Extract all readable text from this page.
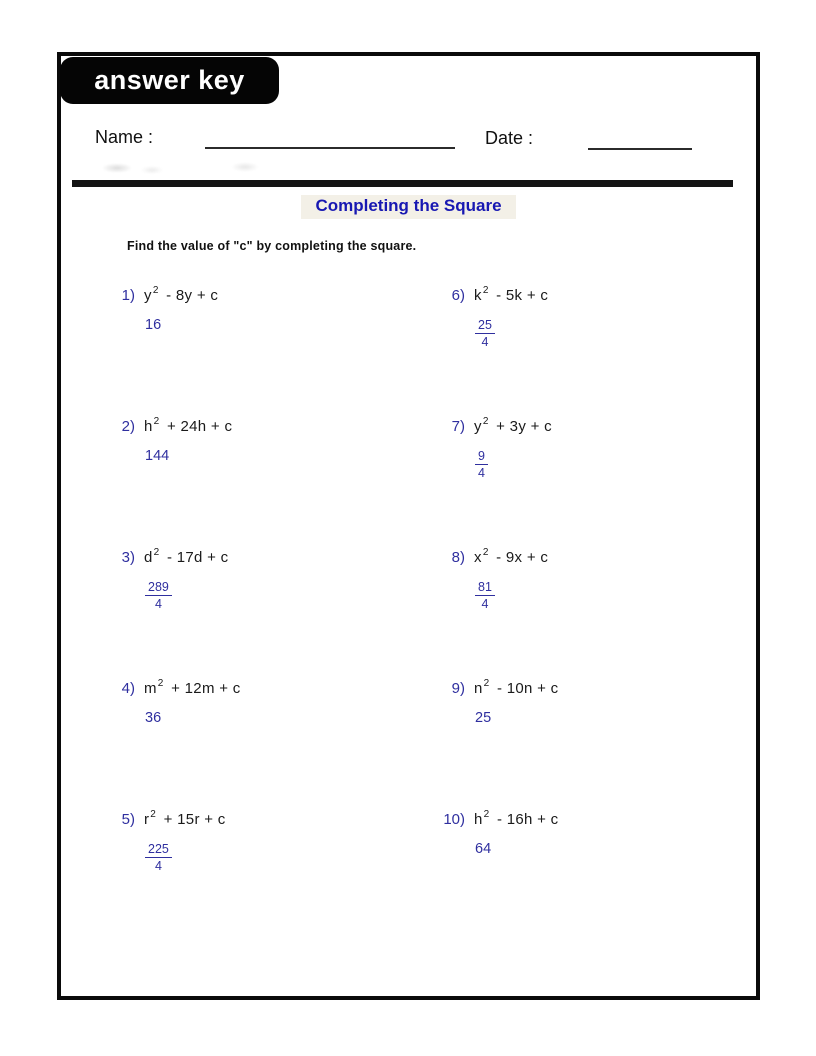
answer key
Name :	Date :
Completing the Square
Find the value of "c" by completing the square.
1) $y^2 - 8y + c$
16
2) $h^2 + 24h + c$
144
3) $d^2 - 17d + c$
$\frac{289}{4}$
4) $m^2 + 12m + c$
36
5) $r^2 + 15r + c$
$\frac{225}{4}$
6) $k^2 - 5k + c$
$\frac{25}{4}$
7) $y^2 + 3y + c$
$\frac{9}{4}$
8) $x^2 - 9x + c$
$\frac{81}{4}$
9) $n^2 - 10n + c$
25
10) $h^2 - 16h + c$
64
